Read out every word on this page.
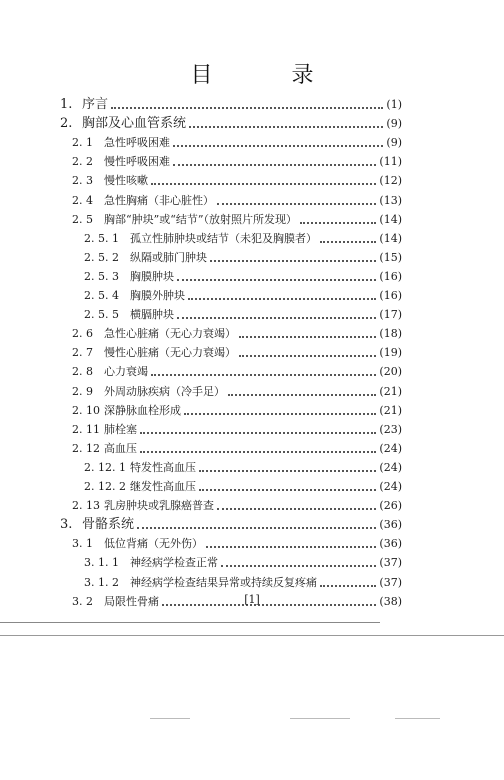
目 录
1. 序言	(1)
2. 胸部及心血管系统	(9)
2. 1	急性呼吸困难	(9)
2. 2	慢性呼吸困难	(11)
2. 3	慢性咳嗽	(12)
2. 4	急性胸痛（非心脏性）	(13)
2. 5	胸部“肿块”或“结节”（放射照片所发现）	(14)
2. 5. 1	孤立性肺肿块或结节（未犯及胸膜者）	(14)
2. 5. 2	纵隔或肺门肿块	(15)
2. 5. 3	胸膜肿块	(16)
2. 5. 4	胸膜外肿块	(16)
2. 5. 5	横膈肿块	(17)
2. 6	急性心脏痛（无心力衰竭）	(18)
2. 7	慢性心脏痛（无心力衰竭）	(19)
2. 8	心力衰竭	(20)
2. 9	外周动脉疾病（冷手足）	(21)
2. 10 深静脉血栓形成	(21)
2. 11 肺栓塞	(23)
2. 12 高血压	(24)
2. 12. 1 特发性高血压	(24)
2. 12. 2 继发性高血压	(24)
2. 13 乳房肿块或乳腺癌普查	(26)
3. 骨骼系统	(36)
3. 1	低位背痛（无外伤）	(36)
3. 1. 1	神经病学检查正常	(37)
3. 1. 2	神经病学检查结果异常或持续反复疼痛	(37)
3. 2	局限性骨痛	(38)
[1]
